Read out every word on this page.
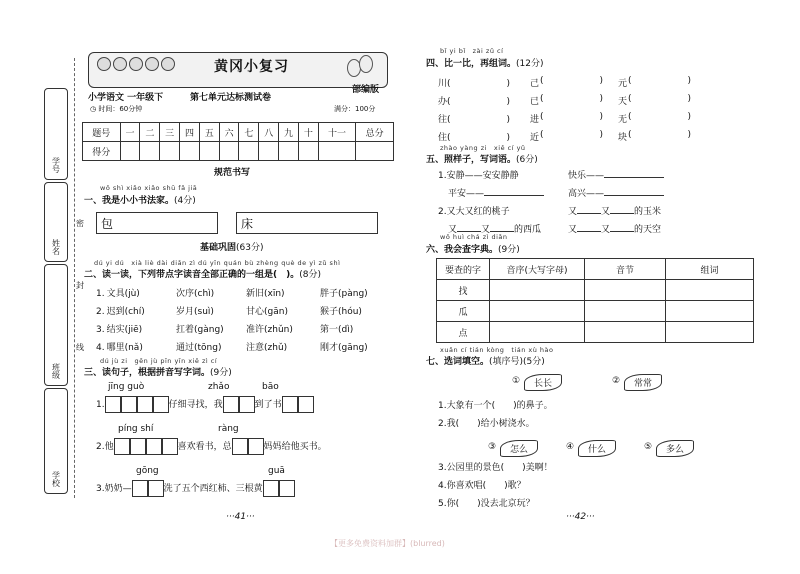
学号
姓名
班级
学校
密
封
线
黄冈小复习
小学语文 一年级下	第七单元达标测试卷
部编版
◷ 时间：60分钟	满分：100分
题号	一	二	三	四	五	六	七	八	九	十	十一	总分
得分												
规范书写
wǒ shì xiǎo xiǎo shū fǎ jiā
一、我是小小书法家。(4分)
包	床
基础巩固(63分)
dú yi dú　xià liè dài diǎn zì dú yīn quán bù zhèng què de yì zǔ shì
二、读一读，下列带点字读音全部正确的一组是(　)。(8分)
1. 文具(jù)	次序(chì)	新旧(xīn)	胖子(pàng)
2. 迟到(chí)	岁月(suì)	甘心(gān)	猴子(hóu)
3. 结实(jiē)	扛着(gàng)	准许(zhǔn)	第一(dì)
4. 哪里(nǎ)	通过(tōng)	注意(zhǔ)	刚才(gāng)
dú jù zi　gēn jù pīn yīn xiě zì cí
三、读句子，根据拼音写字词。(9分)
jīng guò	zhǎo	bāo
1.	仔细寻找，我	到了书
píng shí	ràng
2.他	喜欢看书，总	妈妈给他买书。
gōng	guā
3.奶奶—	洗了五个西红柿、三根黄
···41···
bǐ yi bǐ　zài zǔ cí
四、比一比，再组词。(12分)
川(	) 己 (	) 元 (	)
办(	) 已 (	) 天 (	)
往(	) 进 (	) 无 (	)
住(	) 近 (	) 块 (	)
zhào yàng zi　xiě cí yǔ
五、照样子，写词语。(6分)
1.安静——安安静静	快乐——
平安——	高兴——
2.又大又红的桃子	又	又	的玉米
又	又	的西瓜	又	又	的天空
wǒ huì chá zì diǎn
六、我会查字典。(9分)
要查的字	音序(大写字母)	音节	组词
找			
瓜			
点			
xuǎn cí tián kòng　tián xù hào
七、选词填空。(填序号)(5分)
① 长长	② 常常
1.大象有一个(　　)的鼻子。
2.我(　　)给小树浇水。
③ 怎么	④ 什么	⑤ 多么
3.公园里的景色(　　)美啊！
4.你喜欢唱(　　)歌？
5.你(　　)没去北京玩？
···42···
【更多免费资料加群】(blurred)
